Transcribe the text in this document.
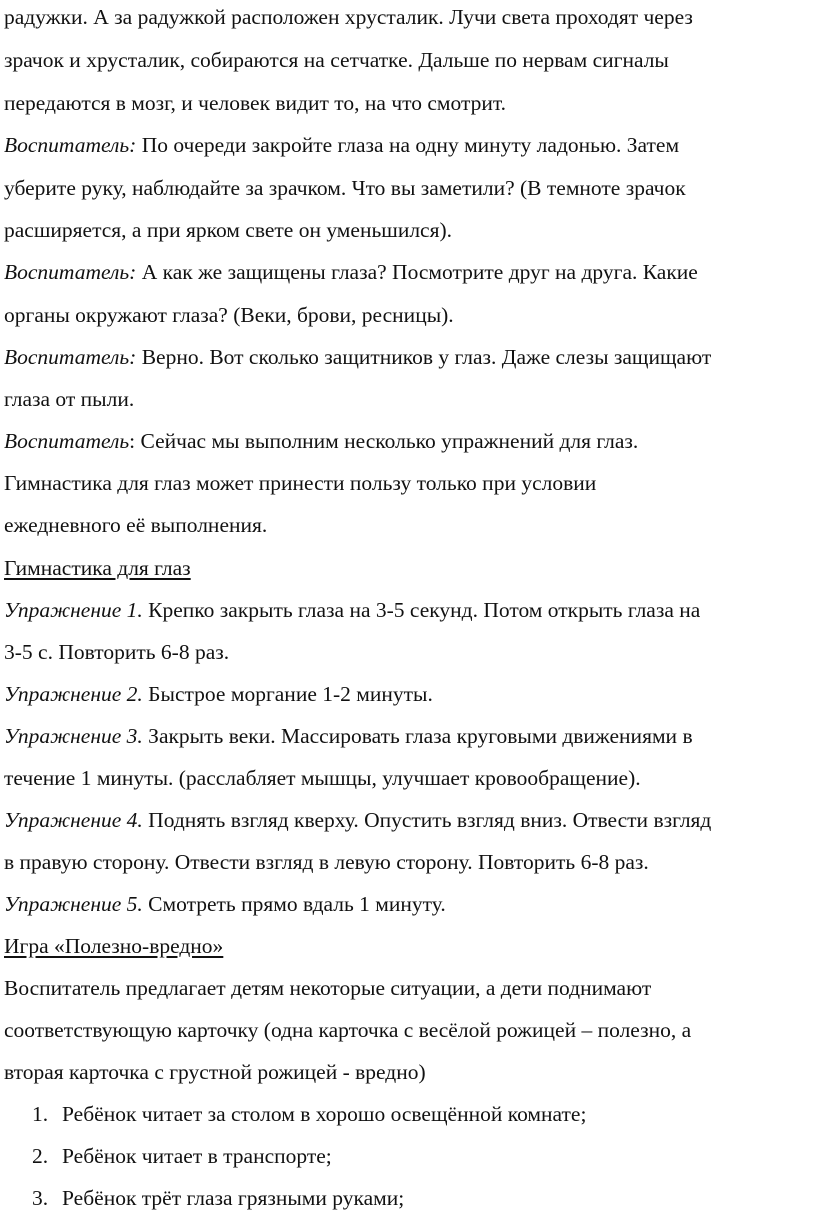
радужки. А за радужкой расположен хрусталик. Лучи света проходят через
зрачок и хрусталик, собираются на сетчатке. Дальше по нервам сигналы
передаются в мозг, и человек видит то, на что смотрит.
Воспитатель: По очереди закройте глаза на одну минуту ладонью. Затем
уберите руку, наблюдайте за зрачком. Что вы заметили? (В темноте зрачок
расширяется, а при ярком свете он уменьшился).
Воспитатель: А как же защищены глаза? Посмотрите друг на друга. Какие
органы окружают глаза? (Веки, брови, ресницы).
Воспитатель: Верно. Вот сколько защитников у глаз. Даже слезы защищают
глаза от пыли.
Воспитатель: Сейчас мы выполним несколько упражнений для глаз.
Гимнастика для глаз может принести пользу только при условии
ежедневного её выполнения.
Гимнастика для глаз
Упражнение 1. Крепко закрыть глаза на 3-5 секунд. Потом открыть глаза на
3-5 с. Повторить 6-8 раз.
Упражнение 2. Быстрое моргание 1-2 минуты.
Упражнение 3. Закрыть веки. Массировать глаза круговыми движениями в
течение 1 минуты. (расслабляет мышцы, улучшает кровообращение).
Упражнение 4. Поднять взгляд кверху. Опустить взгляд вниз. Отвести взгляд
в правую сторону. Отвести взгляд в левую сторону. Повторить 6-8 раз.
Упражнение 5. Смотреть прямо вдаль 1 минуту.
Игра «Полезно-вредно»
Воспитатель предлагает детям некоторые ситуации, а дети поднимают
соответствующую карточку (одна карточка с весёлой рожицей – полезно, а
вторая карточка с грустной рожицей - вредно)
1. Ребёнок читает за столом в хорошо освещённой комнате;
2. Ребёнок читает в транспорте;
3. Ребёнок трёт глаза грязными руками;
